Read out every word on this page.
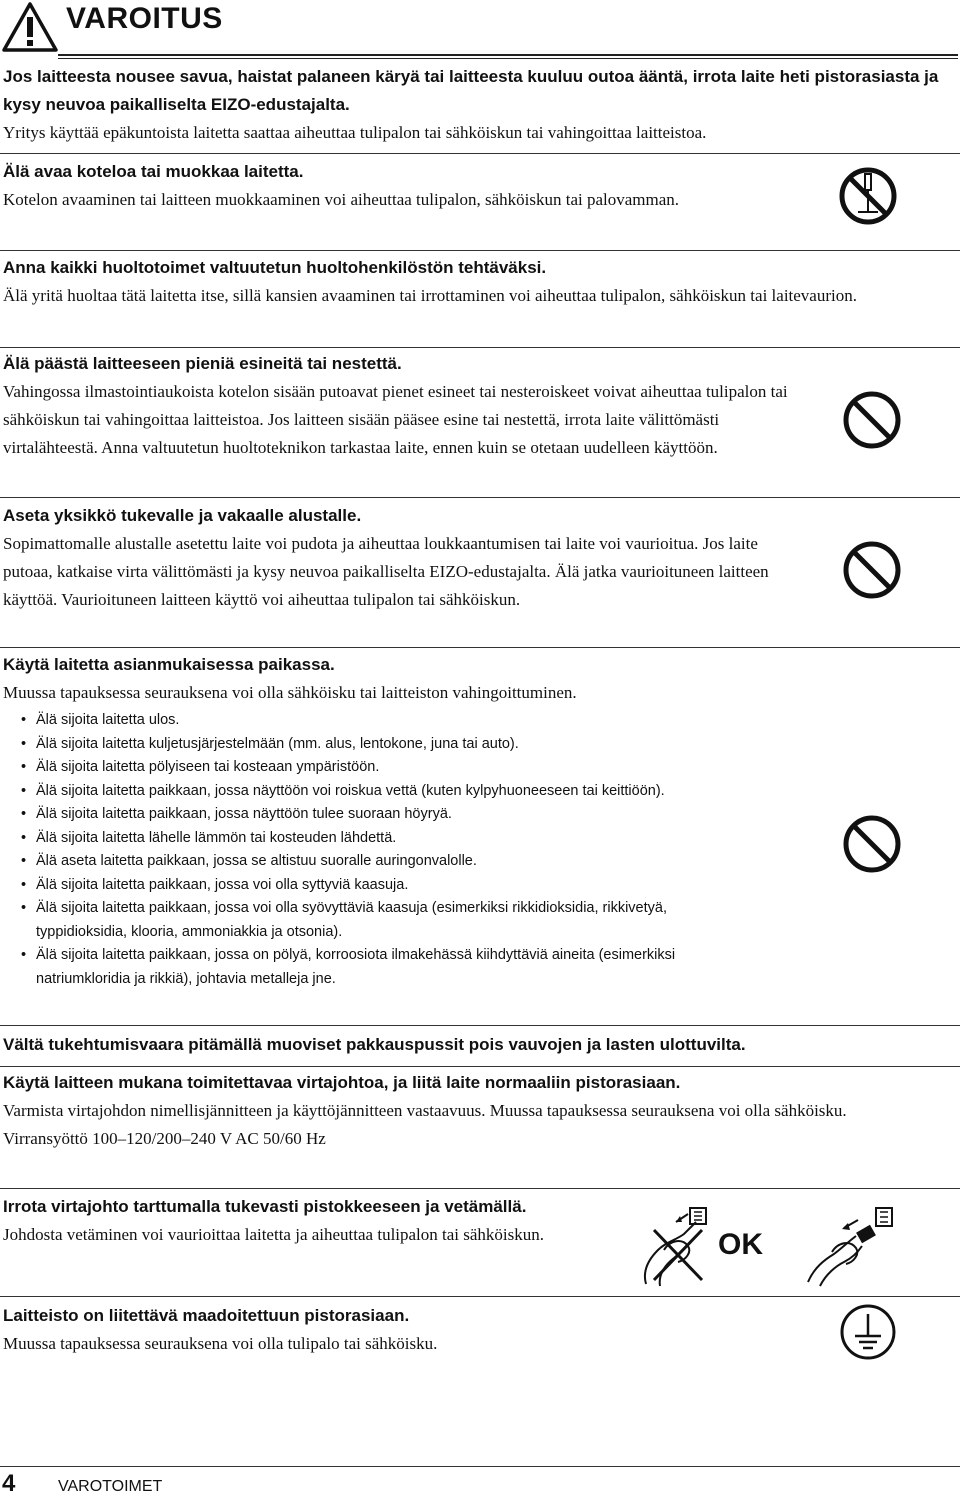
VAROITUS
Jos laitteesta nousee savua, haistat palaneen käryä tai laitteesta kuuluu outoa ääntä, irrota laite heti pistorasiasta ja kysy neuvoa paikalliselta EIZO-edustajalta.
Yritys käyttää epäkuntoista laitetta saattaa aiheuttaa tulipalon tai sähköiskun tai vahingoittaa laitteistoa.
Älä avaa koteloa tai muokkaa laitetta.
Kotelon avaaminen tai laitteen muokkaaminen voi aiheuttaa tulipalon, sähköiskun tai palovamman.
Anna kaikki huoltotoimet valtuutetun huoltohenkilöstön tehtäväksi.
Älä yritä huoltaa tätä laitetta itse, sillä kansien avaaminen tai irrottaminen voi aiheuttaa tulipalon, sähköiskun tai laitevaurion.
Älä päästä laitteeseen pieniä esineitä tai nestettä.
Vahingossa ilmastointiaukoista kotelon sisään putoavat pienet esineet tai nesteroiskeet voivat aiheuttaa tulipalon tai sähköiskun tai vahingoittaa laitteistoa. Jos laitteen sisään pääsee esine tai nestettä, irrota laite välittömästi virtalähteestä. Anna valtuutetun huoltoteknikon tarkastaa laite, ennen kuin se otetaan uudelleen käyttöön.
Aseta yksikkö tukevalle ja vakaalle alustalle.
Sopimattomalle alustalle asetettu laite voi pudota ja aiheuttaa loukkaantumisen tai laite voi vaurioitua. Jos laite putoaa, katkaise virta välittömästi ja kysy neuvoa paikalliselta EIZO-edustajalta. Älä jatka vaurioituneen laitteen käyttöä. Vaurioituneen laitteen käyttö voi aiheuttaa tulipalon tai sähköiskun.
Käytä laitetta asianmukaisessa paikassa.
Muussa tapauksessa seurauksena voi olla sähköisku tai laitteiston vahingoittuminen.
• Älä sijoita laitetta ulos.
• Älä sijoita laitetta kuljetusjärjestelmään (mm. alus, lentokone, juna tai auto).
• Älä sijoita laitetta pölyiseen tai kosteaan ympäristöön.
• Älä sijoita laitetta paikkaan, jossa näyttöön voi roiskua vettä (kuten kylpyhuoneeseen tai keittiöön).
• Älä sijoita laitetta paikkaan, jossa näyttöön tulee suoraan höyryä.
• Älä sijoita laitetta lähelle lämmön tai kosteuden lähdettä.
• Älä aseta laitetta paikkaan, jossa se altistuu suoralle auringonvalolle.
• Älä sijoita laitetta paikkaan, jossa voi olla syttyviä kaasuja.
• Älä sijoita laitetta paikkaan, jossa voi olla syövyttäviä kaasuja (esimerkiksi rikkidioksidia, rikkivetyä, typpidioksidia, klooria, ammoniakkia ja otsonia).
• Älä sijoita laitetta paikkaan, jossa on pölyä, korroosiota ilmakehässä kiihdyttäviä aineita (esimerkiksi natriumkloridia ja rikkiä), johtavia metalleja jne.
Vältä tukehtumisvaara pitämällä muoviset pakkauspussit pois vauvojen ja lasten ulottuvilta.
Käytä laitteen mukana toimitettavaa virtajohtoa, ja liitä laite normaaliin pistorasiaan.
Varmista virtajohdon nimellisjännitteen ja käyttöjännitteen vastaavuus. Muussa tapauksessa seurauksena voi olla sähköisku.
Virransyöttö 100–120/200–240 V AC 50/60 Hz
Irrota virtajohto tarttumalla tukevasti pistokkeeseen ja vetämällä.
Johdosta vetäminen voi vaurioittaa laitetta ja aiheuttaa tulipalon tai sähköiskun.	OK
Laitteisto on liitettävä maadoitettuun pistorasiaan.
Muussa tapauksessa seurauksena voi olla tulipalo tai sähköisku.
4	VAROTOIMET
